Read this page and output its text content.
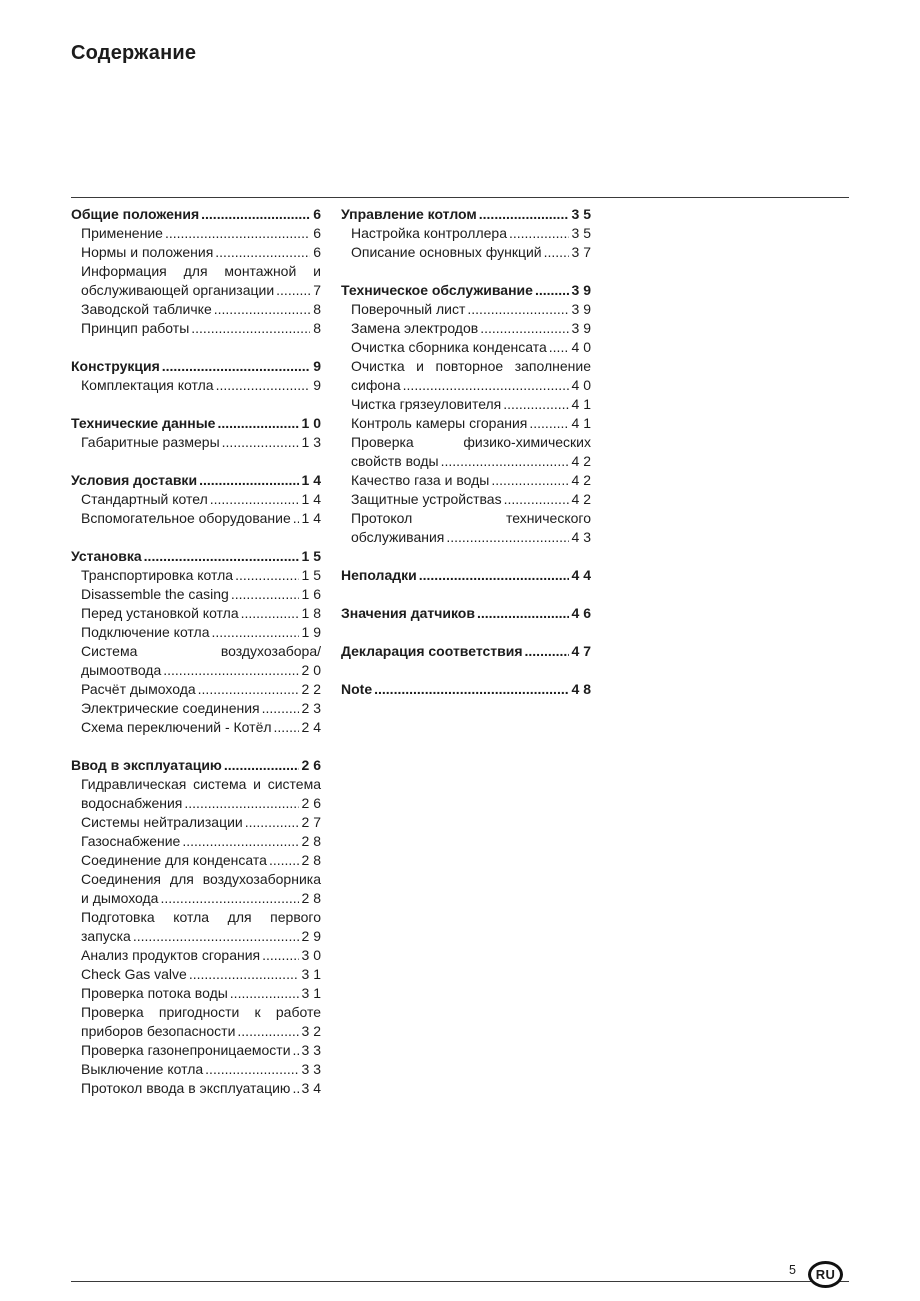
Содержание
Общие положения .....	6
Применение .....	6
Нормы и положения .....	6
Информация для монтажной и
обслуживающей организации .....	7
Заводской табличке .....	8
Принцип работы .....	8
Конструкция .....	9
Комплектация котла .....	9
Технические данные .....	1 0
Габаритные размеры .....	1 3
Условия доставки .....	1 4
Стандартный котел .....	1 4
Вспомогательное оборудование ..... 1 4
Установка .....	1 5
Транспортировка котла .....	1 5
Disassemble the casing .....	1 6
Перед установкой котла .....	1 8
Подключение котла .....	1 9
Система воздухозабора/
дымоотвода .....	2 0
Расчёт дымохода .....	2 2
Электрические соединения .....	2 3
Схема переключений - Котёл ..... 2 4
Ввод в эксплуатацию .....	2 6
Гидравлическая система и система
водоснабжения .....	2 6
Системы нейтрализации .....	2 7
Газоснабжение .....	2 8
Соединение для конденсата ..... 2 8
Соединения для воздухозаборника
и дымохода .....	2 8
Подготовка котла для первого
запуска .....	2 9
Анализ продуктов сгорания .....	3 0
Check Gas valve .....	3 1
Проверка потока воды .....	3 1
Проверка пригодности к работе
приборов безопасности .....	3 2
Проверка газонепроницаемости ..... 3 3
Выключение котла .....	3 3
Протокол ввода в эксплуатацию ..... 3 4
Управление котлом .....	3 5
Настройка контроллера .....	3 5
Описание основных функций ..... 3 7
Техническое обслуживание .....	3 9
Поверочный лист .....	3 9
Замена электродов .....	3 9
Очистка сборника конденсата ..... 4 0
Очистка и повторное заполнение
сифона .....	4 0
Чистка грязеуловителя .....	4 1
Контроль камеры сгорания .....	4 1
Проверка физико-химических
свойств воды .....	4 2
Качество газа и воды .....	4 2
Защитные устройстваs .....	4 2
Протокол технического
обслуживания .....	4 3
Неполадки .....	4 4
Значения датчиков .....	4 6
Декларация соответствия .....	4 7
Note .....	4 8
5	RU
